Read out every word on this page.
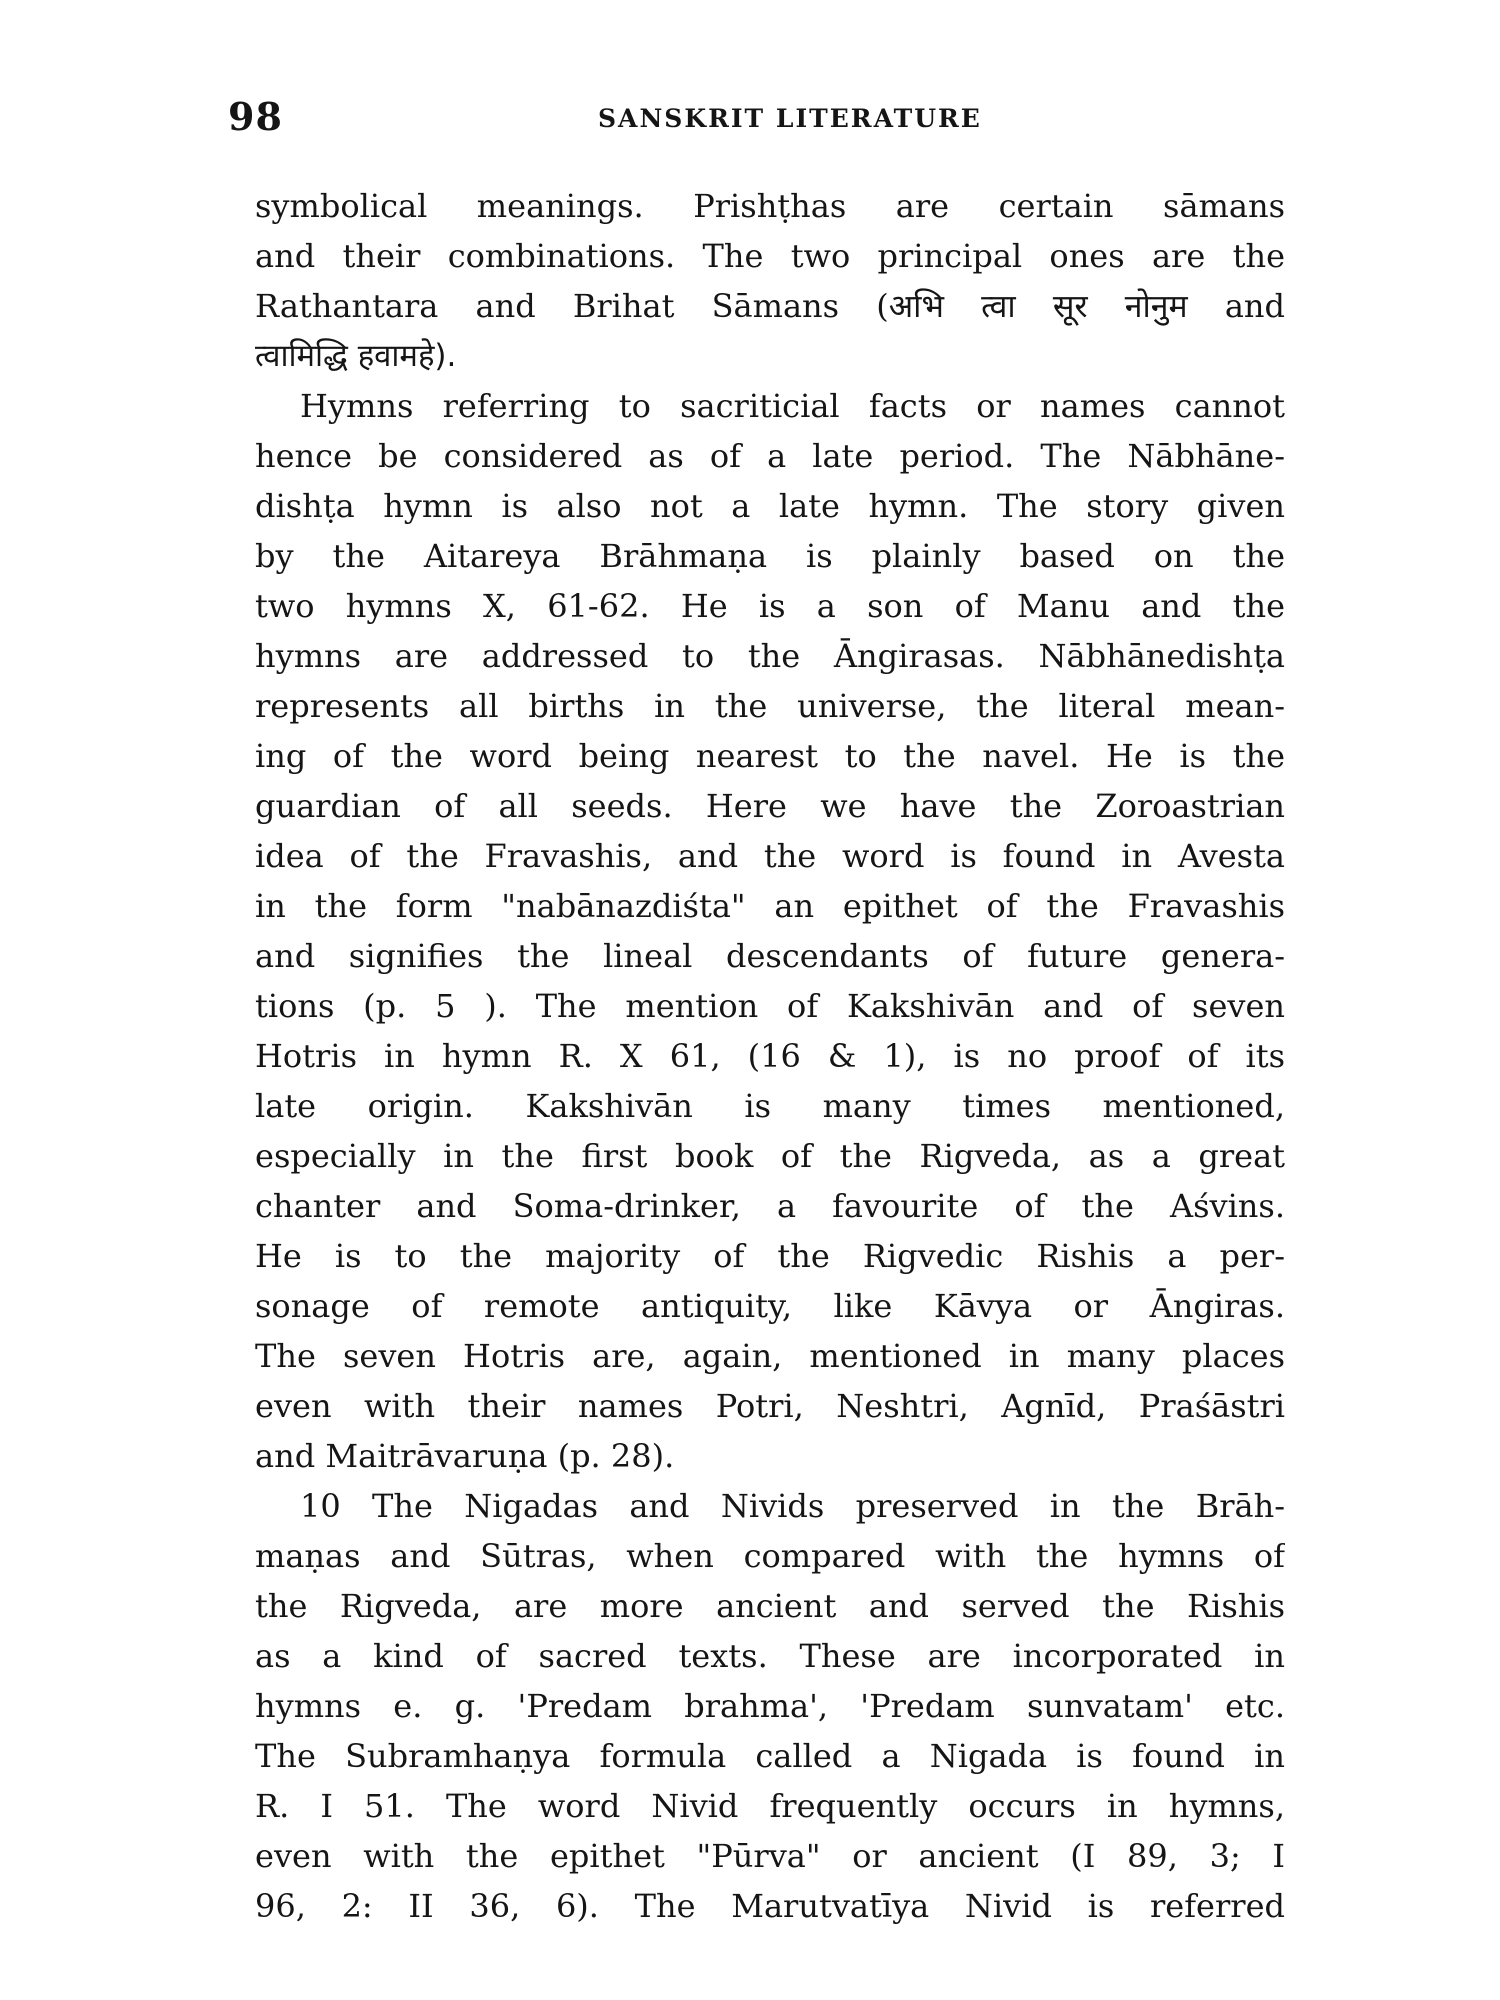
98	SANSKRIT LITERATURE
symbolical meanings. Prishṭhas are certain sāmans
and their combinations. The two principal ones are the
Rathantara and Brihat Sāmans (अभि त्वा सूर नोनुम and
त्वामिद्धि हवामहे).
Hymns referring to sacriticial facts or names cannot
hence be considered as of a late period. The Nābhāne-
dishṭa hymn is also not a late hymn. The story given
by the Aitareya Brāhmaṇa is plainly based on the
two hymns X, 61-62. He is a son of Manu and the
hymns are addressed to the Āngirasas. Nābhānedishṭa
represents all births in the universe, the literal mean-
ing of the word being nearest to the navel. He is the
guardian of all seeds. Here we have the Zoroastrian
idea of the Fravashis, and the word is found in Avesta
in the form "nabānazdiśta" an epithet of the Fravashis
and signifies the lineal descendants of future genera-
tions (p. 5 ). The mention of Kakshivān and of seven
Hotris in hymn R. X 61, (16 & 1), is no proof of its
late origin. Kakshivān is many times mentioned,
especially in the first book of the Rigveda, as a great
chanter and Soma-drinker, a favourite of the Aśvins.
He is to the majority of the Rigvedic Rishis a per-
sonage of remote antiquity, like Kāvya or Āngiras.
The seven Hotris are, again, mentioned in many places
even with their names Potri, Neshtri, Agnīd, Praśāstri
and Maitrāvaruṇa (p. 28).
10 The Nigadas and Nivids preserved in the Brāh-
maṇas and Sūtras, when compared with the hymns of
the Rigveda, are more ancient and served the Rishis
as a kind of sacred texts. These are incorporated in
hymns e. g. 'Predam brahma', 'Predam sunvatam' etc.
The Subramhaṇya formula called a Nigada is found in
R. I 51. The word Nivid frequently occurs in hymns,
even with the epithet "Pūrva" or ancient (I 89, 3; I
96, 2: II 36, 6). The Marutvatīya Nivid is referred
